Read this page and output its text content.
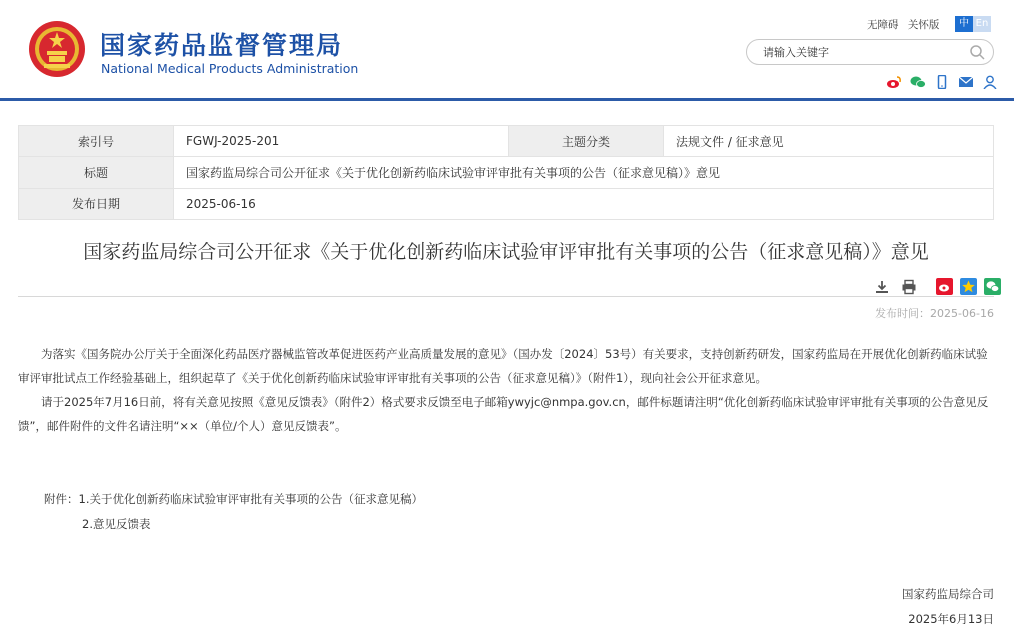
国家药品监督管理局
National Medical Products Administration
无障碍 关怀版	中 En
请输入关键字

索引号	FGWJ-2025-201	主题分类	法规文件 / 征求意见
标题	国家药监局综合司公开征求《关于优化创新药临床试验审评审批有关事项的公告（征求意见稿）》意见		
发布日期	2025-06-16		
国家药监局综合司公开征求《关于优化创新药临床试验审评审批有关事项的公告（征求意见稿）》意见

发布时间：2025-06-16

为落实《国务院办公厅关于全面深化药品医疗器械监管改革促进医药产业高质量发展的意见》（国办发〔2024〕53号）有关要求，支持创新药研发，国家药监局在开展优化创新药临床试验审评审批试点工作经验基础上，组织起草了《关于优化创新药临床试验审评审批有关事项的公告（征求意见稿）》（附件1），现向社会公开征求意见。

请于2025年7月16日前，将有关意见按照《意见反馈表》（附件2）格式要求反馈至电子邮箱ywyjc@nmpa.gov.cn，邮件标题请注明“优化创新药临床试验审评审批有关事项的公告意见反馈”，邮件附件的文件名请注明“××（单位/个人）意见反馈表”。

附件：1.关于优化创新药临床试验审评审批有关事项的公告（征求意见稿）
2.意见反馈表
国家药监局综合司
2025年6月13日
